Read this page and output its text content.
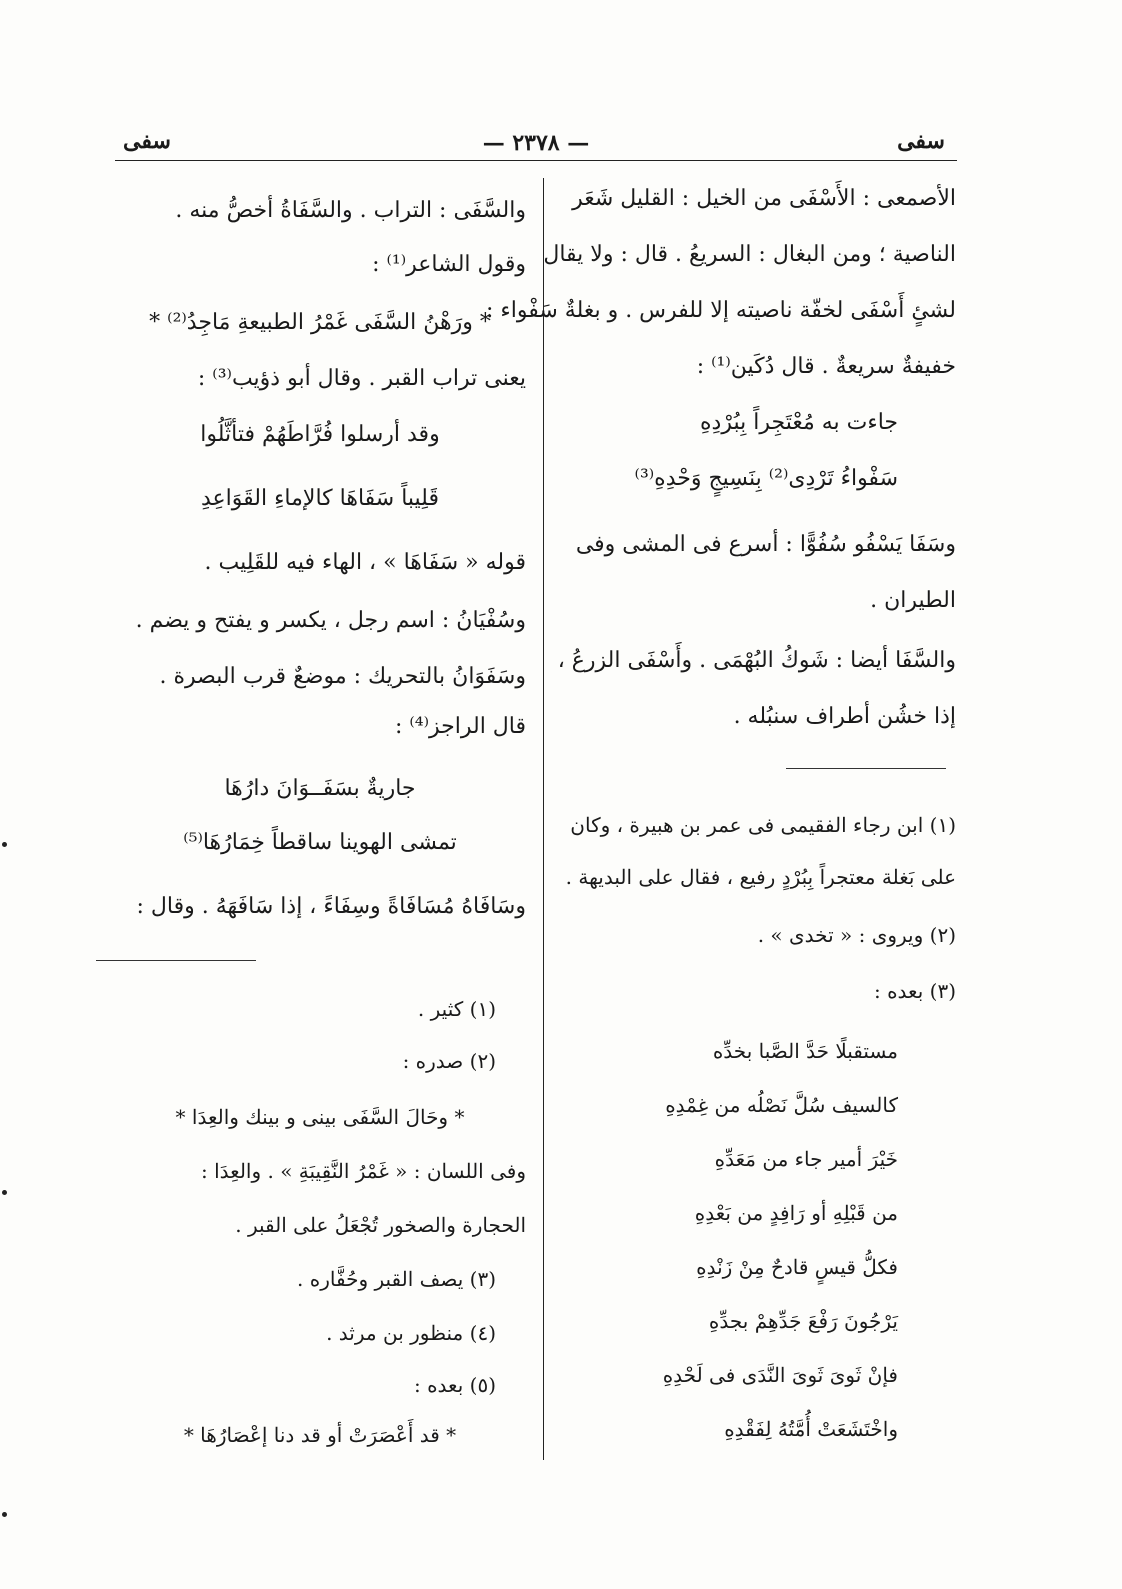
سفى
— ٢٣٧٨ —
سفى
الأصمعى : الأَسْفَى من الخيل : القليل شَعَر
الناصية ؛ ومن البغال : السريعُ . قال : ولا يقال
لشئٍ أَسْفَى لخفّة ناصيته إلا للفرس . و بغلةٌ سَفْواء :
خفيفةٌ سريعةٌ . قال دُكَين⁽¹⁾ :
جاءت به مُعْتَجِراً بِبُرْدِهِ
سَفْواءُ تَرْدِى⁽²⁾ بِنَسِيجٍ وَحْدِهِ⁽³⁾
وسَفَا يَسْفُو سُفُوًّا : أسرع فى المشى وفى
الطيران .
والسَّفَا أيضا : شَوكُ البُهْمَى . وأَسْفَى الزرعُ ،
إذا خشُن أطراف سنبُله .
(١) ابن رجاء الفقيمى فى عمر بن هبيرة ، وكان
على بَغلة معتجراً بِبُرْدٍ رفيع ، فقال على البديهة .
(٢) ويروى : « تخدى » .
(٣) بعده :
مستقبلًا حَدَّ الصَّبا بخدِّه
كالسيف سُلَّ نَصْلُه من غِمْدِهِ
خَيْرَ أمير جاء من مَعَدِّهِ
من قَبْلِهِ أو رَافِدٍ من بَعْدِهِ
فكلُّ قيسٍ قادحٌ مِنْ زَنْدِهِ
يَرْجُونَ رَفْعَ جَدِّهِمْ بجدِّهِ
فإنْ ثَوىَ ثَوىَ النَّدَى فى لَحْدِهِ
واخْتَشَعَتْ أُمَّتُهُ لِفَقْدِهِ
والسَّفَى : التراب . والسَّفَاةُ أخصُّ منه .
وقول الشاعر⁽¹⁾ :
* ورَهْنُ السَّفَى غَمْرُ الطبيعةِ مَاجِدُ⁽²⁾ *
يعنى تراب القبر . وقال أبو ذؤيب⁽³⁾ :
وقد أرسلوا فُرَّاطَهُمْ فتأثَّلُوا
قَلِيباً سَفَاهَا كالإماءِ القَوَاعِدِ
قوله « سَفَاهَا » ، الهاء فيه للقَلِيب .
وسُفْيَانُ : اسم رجل ، يكسر و يفتح و يضم .
وسَفَوَانُ بالتحريك : موضعٌ قرب البصرة .
قال الراجز⁽⁴⁾ :
جاريةٌ بسَفَــوَانَ دارُهَا
تمشى الهوينا ساقطاً خِمَارُهَا⁽⁵⁾
وسَافَاهُ مُسَافَاةً وسِفَاءً ، إذا سَافَهَهُ . وقال :
(١) كثير .
(٢) صدره :
* وحَالَ السَّفَى بينى و بينك والعِدَا *
وفى اللسان : « غَمْرُ النَّقِيبَةِ » . والعِدَا :
الحجارة والصخور تُجْعَلُ على القبر .
(٣) يصف القبر وحُفَّاره .
(٤) منظور بن مرثد .
(٥) بعده :
* قد أَعْصَرَتْ أو قد دنا إعْصَارُهَا *
